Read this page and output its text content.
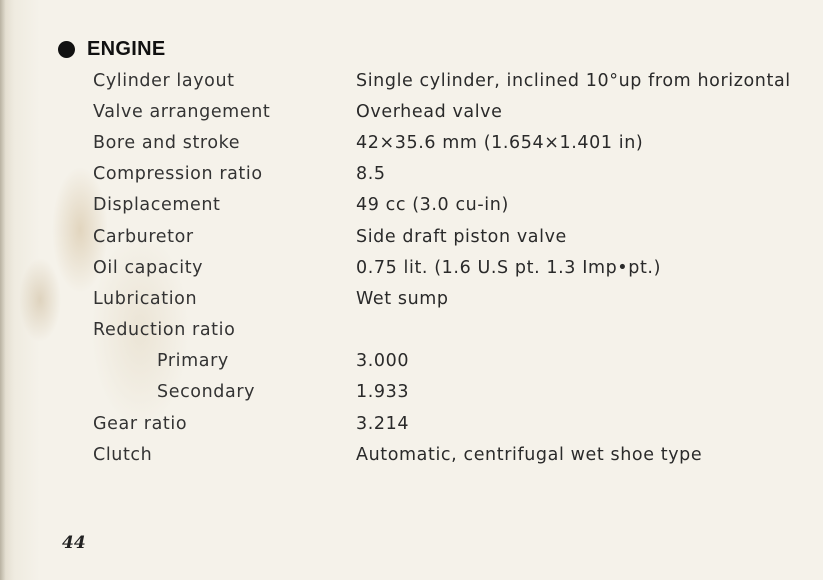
ENGINE
Cylinder layout	Single cylinder, inclined 10°up from horizontal
Valve arrangement	Overhead valve
Bore and stroke	42×35.6 mm (1.654×1.401 in)
Compression ratio	8.5
Displacement	49 cc (3.0 cu-in)
Carburetor	Side draft piston valve
Oil capacity	0.75 lit. (1.6 U.S pt. 1.3 Imp•pt.)
Lubrication	Wet sump
Reduction ratio
Primary	3.000
Secondary	1.933
Gear ratio	3.214
Clutch	Automatic, centrifugal wet shoe type
44
